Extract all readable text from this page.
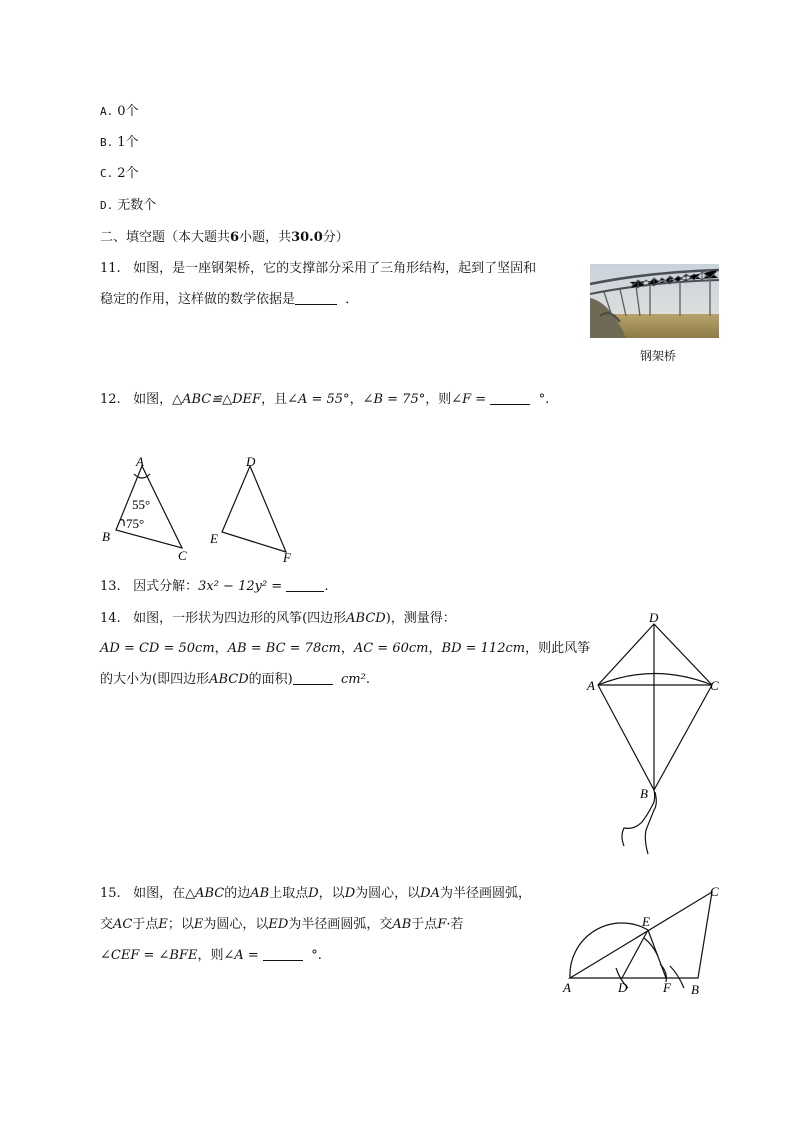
A. 0个
B. 1个
C. 2个
D. 无数个
二、填空题（本大题共6小题，共30.0分）
11. 如图，是一座钢架桥，它的支撑部分采用了三角形结构，起到了坚固和
稳定的作用，这样做的数学依据是	．
钢架桥
12. 如图，△ABC≌△DEF，且∠A = 55°，∠B = 75°，则∠F =	°.
A
B
C
55°
75°
D
E
F
13. 因式分解：3x² − 12y² =	.
14. 如图，一形状为四边形的风筝(四边形ABCD)，测量得：
AD = CD = 50cm，AB = BC = 78cm，AC = 60cm，BD = 112cm，则此风筝
的大小为(即四边形ABCD的面积)	cm².
D
A	C
B
15. 如图，在△ABC的边AB上取点D，以D为圆心，以DA为半径画圆弧，
交AC于点E；以E为圆心，以ED为半径画圆弧，交AB于点F·若
∠CEF = ∠BFE，则∠A =	°.
A	B
C
D
E
F
